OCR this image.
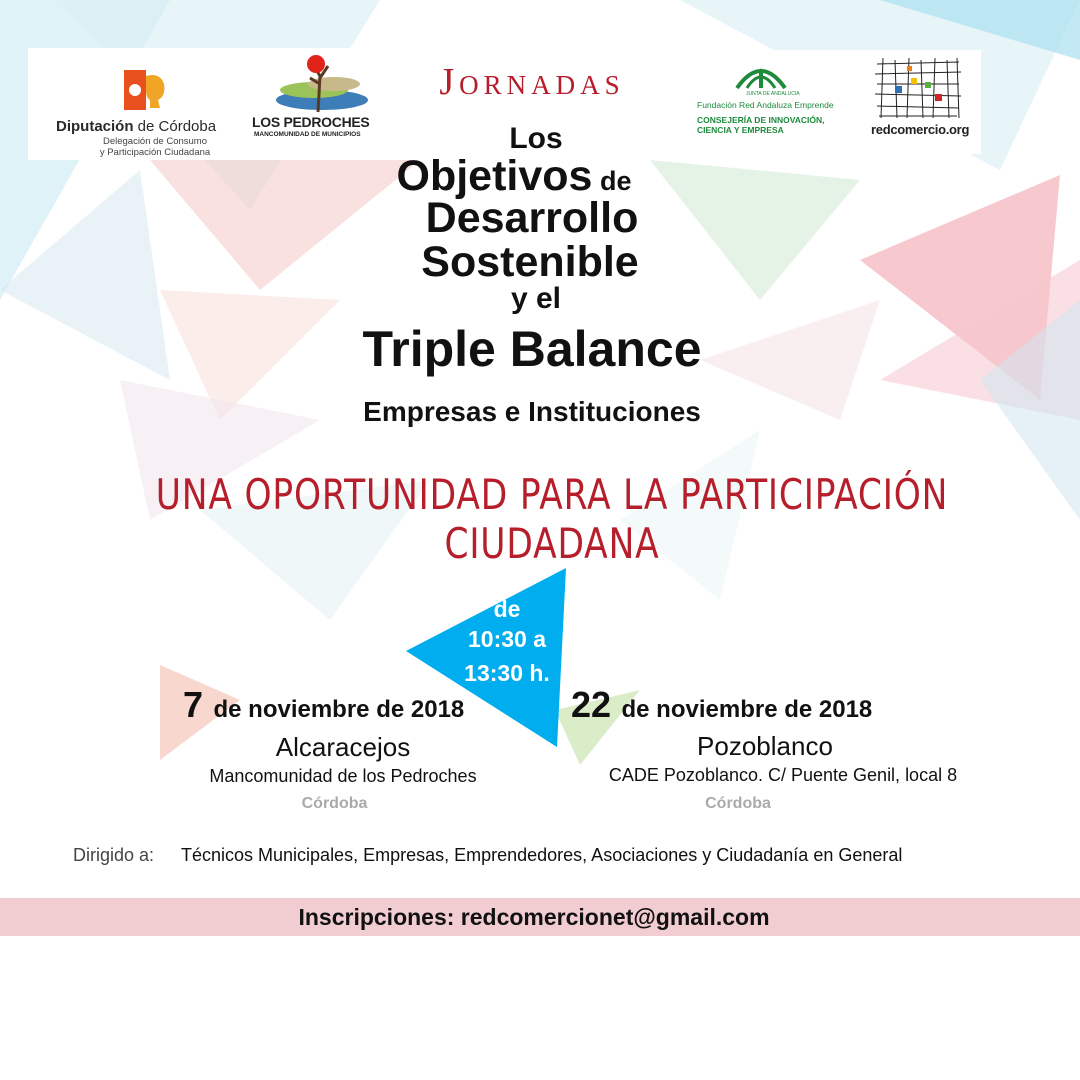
Diputación de Córdoba
Delegación de Consumo
y Participación Ciudadana
LOS PEDROCHES
MANCOMUNIDAD DE MUNICIPIOS
JUNTA DE ANDALUCIA
Fundación Red Andaluza Emprende
CONSEJERÍA DE INNOVACIÓN, CIENCIA Y EMPRESA	redcomercio.org
Jornadas
Los
Objetivos de
Desarrollo
Sostenible
y el
Triple Balance
Empresas e Instituciones
UNA OPORTUNIDAD PARA LA PARTICIPACIÓN CIUDADANA
de
10:30 a
13:30 h.
7 de noviembre de 2018
Alcaracejos
Mancomunidad de los Pedroches
Córdoba
22 de noviembre de 2018
Pozoblanco
CADE Pozoblanco. C/ Puente Genil, local 8
Córdoba
Dirigido a: Técnicos Municipales, Empresas, Emprendedores, Asociaciones y Ciudadanía en General
Inscripciones: redcomercionet@gmail.com
